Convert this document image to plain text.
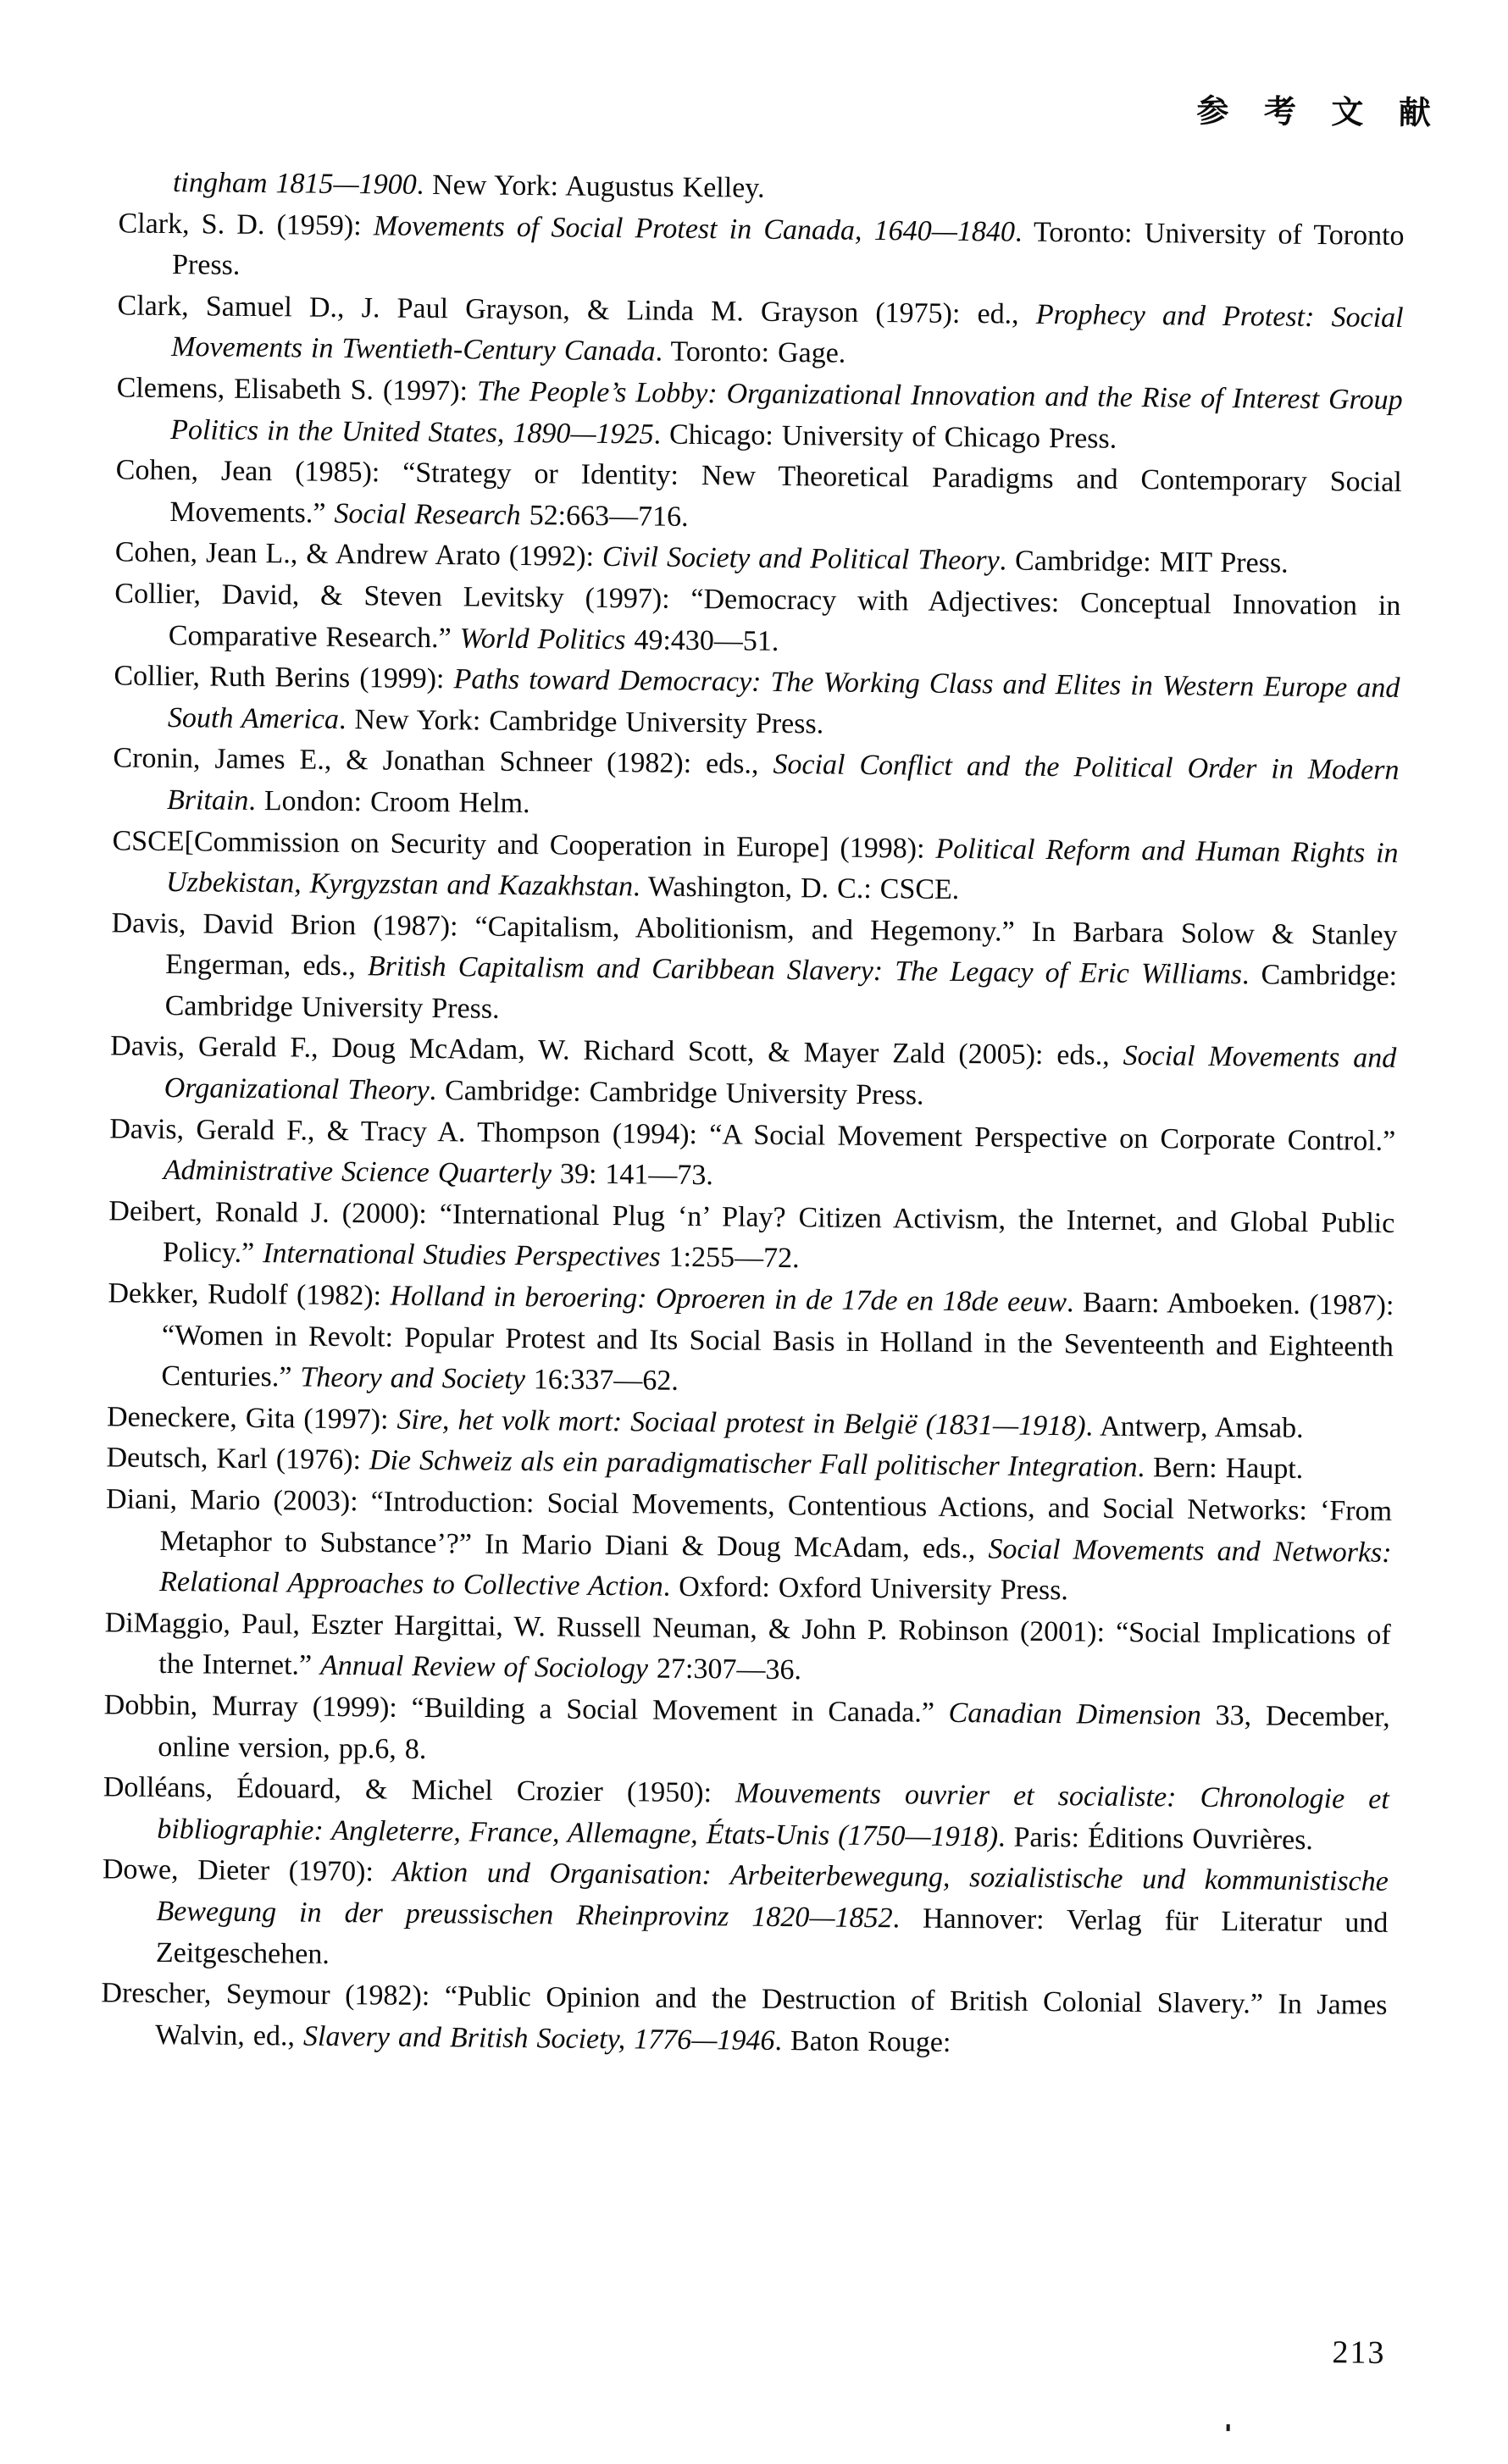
参 考 文 献

tingham 1815—1900. New York: Augustus Kelley.

Clark, S. D. (1959): Movements of Social Protest in Canada, 1640—1840. Toronto: University of Toronto Press.

Clark, Samuel D., J. Paul Grayson, & Linda M. Grayson (1975): ed., Prophecy and Protest: Social Movements in Twentieth-Century Canada. Toronto: Gage.

Clemens, Elisabeth S. (1997): The People’s Lobby: Organizational Innovation and the Rise of Interest Group Politics in the United States, 1890—1925. Chicago: University of Chicago Press.

Cohen, Jean (1985): “Strategy or Identity: New Theoretical Paradigms and Contemporary Social Movements.” Social Research 52:663—716.

Cohen, Jean L., & Andrew Arato (1992): Civil Society and Political Theory. Cambridge: MIT Press.

Collier, David, & Steven Levitsky (1997): “Democracy with Adjectives: Conceptual Innovation in Comparative Research.” World Politics 49:430—51.

Collier, Ruth Berins (1999): Paths toward Democracy: The Working Class and Elites in Western Europe and South America. New York: Cambridge University Press.

Cronin, James E., & Jonathan Schneer (1982): eds., Social Conflict and the Political Order in Modern Britain. London: Croom Helm.

CSCE[Commission on Security and Cooperation in Europe] (1998): Political Reform and Human Rights in Uzbekistan, Kyrgyzstan and Kazakhstan. Washington, D. C.: CSCE.

Davis, David Brion (1987): “Capitalism, Abolitionism, and Hegemony.” In Barbara Solow & Stanley Engerman, eds., British Capitalism and Caribbean Slavery: The Legacy of Eric Williams. Cambridge: Cambridge University Press.

Davis, Gerald F., Doug McAdam, W. Richard Scott, & Mayer Zald (2005): eds., Social Movements and Organizational Theory. Cambridge: Cambridge University Press.

Davis, Gerald F., & Tracy A. Thompson (1994): “A Social Movement Perspective on Corporate Control.” Administrative Science Quarterly 39: 141—73.

Deibert, Ronald J. (2000): “International Plug ‘n’ Play? Citizen Activism, the Internet, and Global Public Policy.” International Studies Perspectives 1:255—72.

Dekker, Rudolf (1982): Holland in beroering: Oproeren in de 17de en 18de eeuw. Baarn: Amboeken. (1987): “Women in Revolt: Popular Protest and Its Social Basis in Holland in the Seventeenth and Eighteenth Centuries.” Theory and Society 16:337—62.

Deneckere, Gita (1997): Sire, het volk mort: Sociaal protest in België (1831—1918). Antwerp, Amsab.

Deutsch, Karl (1976): Die Schweiz als ein paradigmatischer Fall politischer Integration. Bern: Haupt.

Diani, Mario (2003): “Introduction: Social Movements, Contentious Actions, and Social Networks: ‘From Metaphor to Substance’?” In Mario Diani & Doug McAdam, eds., Social Movements and Networks: Relational Approaches to Collective Action. Oxford: Oxford University Press.

DiMaggio, Paul, Eszter Hargittai, W. Russell Neuman, & John P. Robinson (2001): “Social Implications of the Internet.” Annual Review of Sociology 27:307—36.

Dobbin, Murray (1999): “Building a Social Movement in Canada.” Canadian Dimension 33, December, online version, pp.6, 8.

Dolléans, Édouard, & Michel Crozier (1950): Mouvements ouvrier et socialiste: Chronologie et bibliographie: Angleterre, France, Allemagne, États-Unis (1750—1918). Paris: Éditions Ouvrières.

Dowe, Dieter (1970): Aktion und Organisation: Arbeiterbewegung, sozialistische und kommunistische Bewegung in der preussischen Rheinprovinz 1820—1852. Hannover: Verlag für Literatur und Zeitgeschehen.

Drescher, Seymour (1982): “Public Opinion and the Destruction of British Colonial Slavery.” In James Walvin, ed., Slavery and British Society, 1776—1946. Baton Rouge:

213
